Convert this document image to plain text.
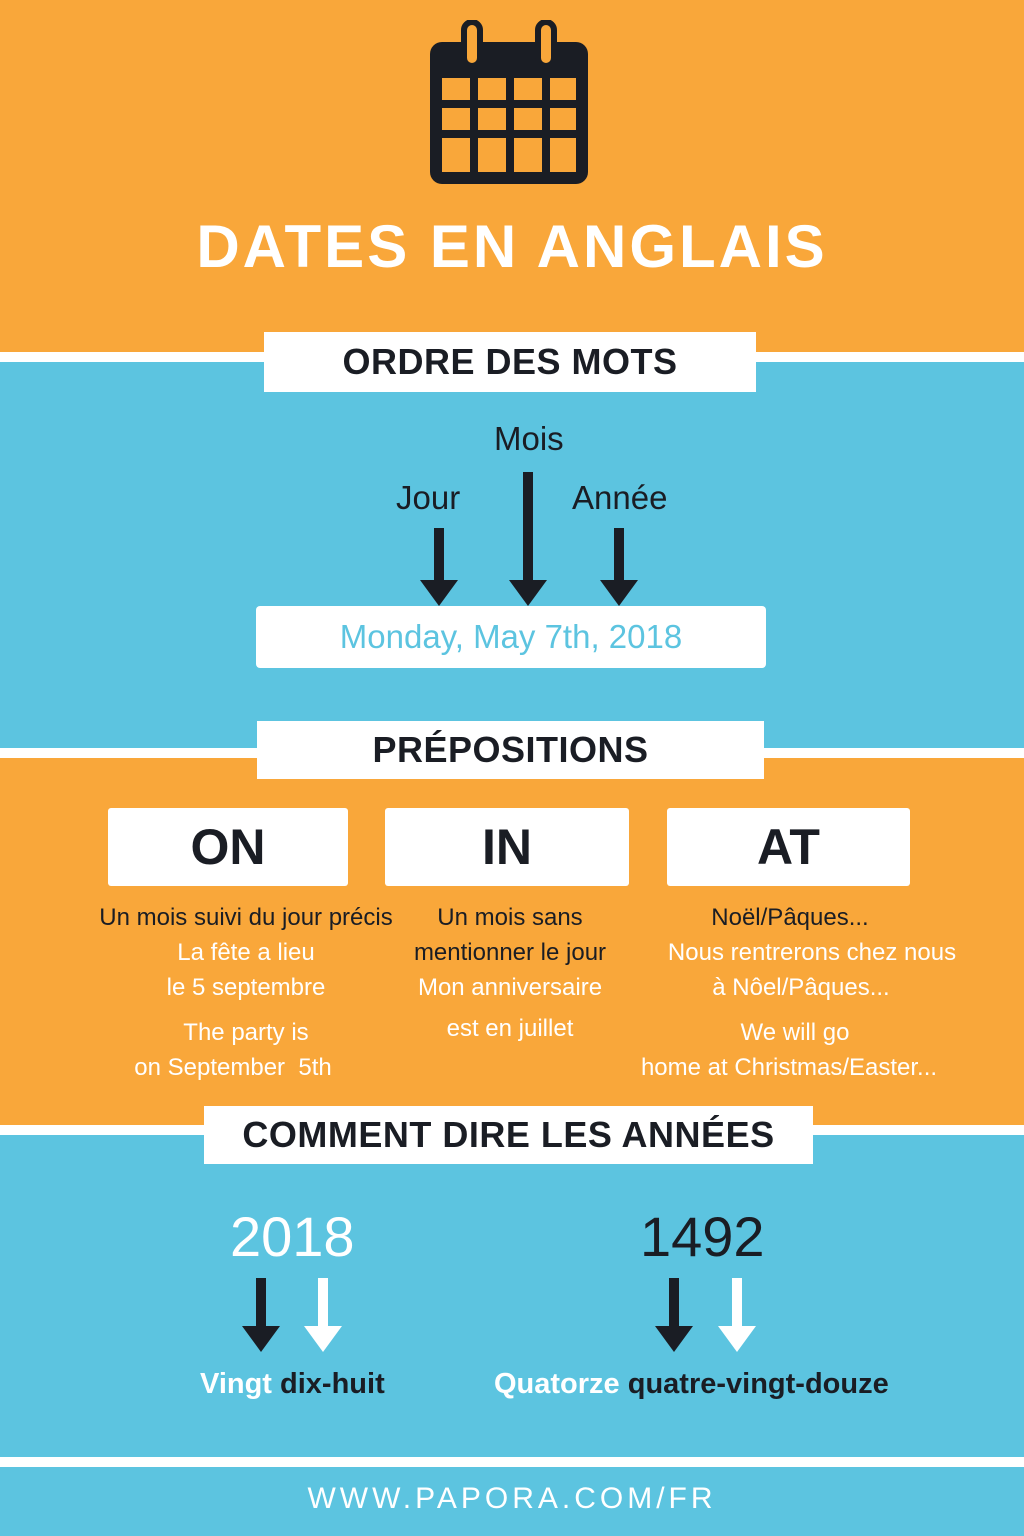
DATES EN ANGLAIS
ORDRE DES MOTS
Mois
Jour	Année
Monday, May 7th, 2018
PRÉPOSITIONS
ON	IN	AT
Un mois suivi du jour précis
La fête a lieu
le 5 septembre
The party is
on September  5th
Un mois sans
mentionner le jour
Mon anniversaire
est en juillet
Noël/Pâques...
Nous rentrerons chez nous
à Nôel/Pâques...
We will go
home at Christmas/Easter...
COMMENT DIRE LES ANNÉES
2018
Vingt dix-huit
1492
Quatorze quatre-vingt-douze
WWW.PAPORA.COM/FR
